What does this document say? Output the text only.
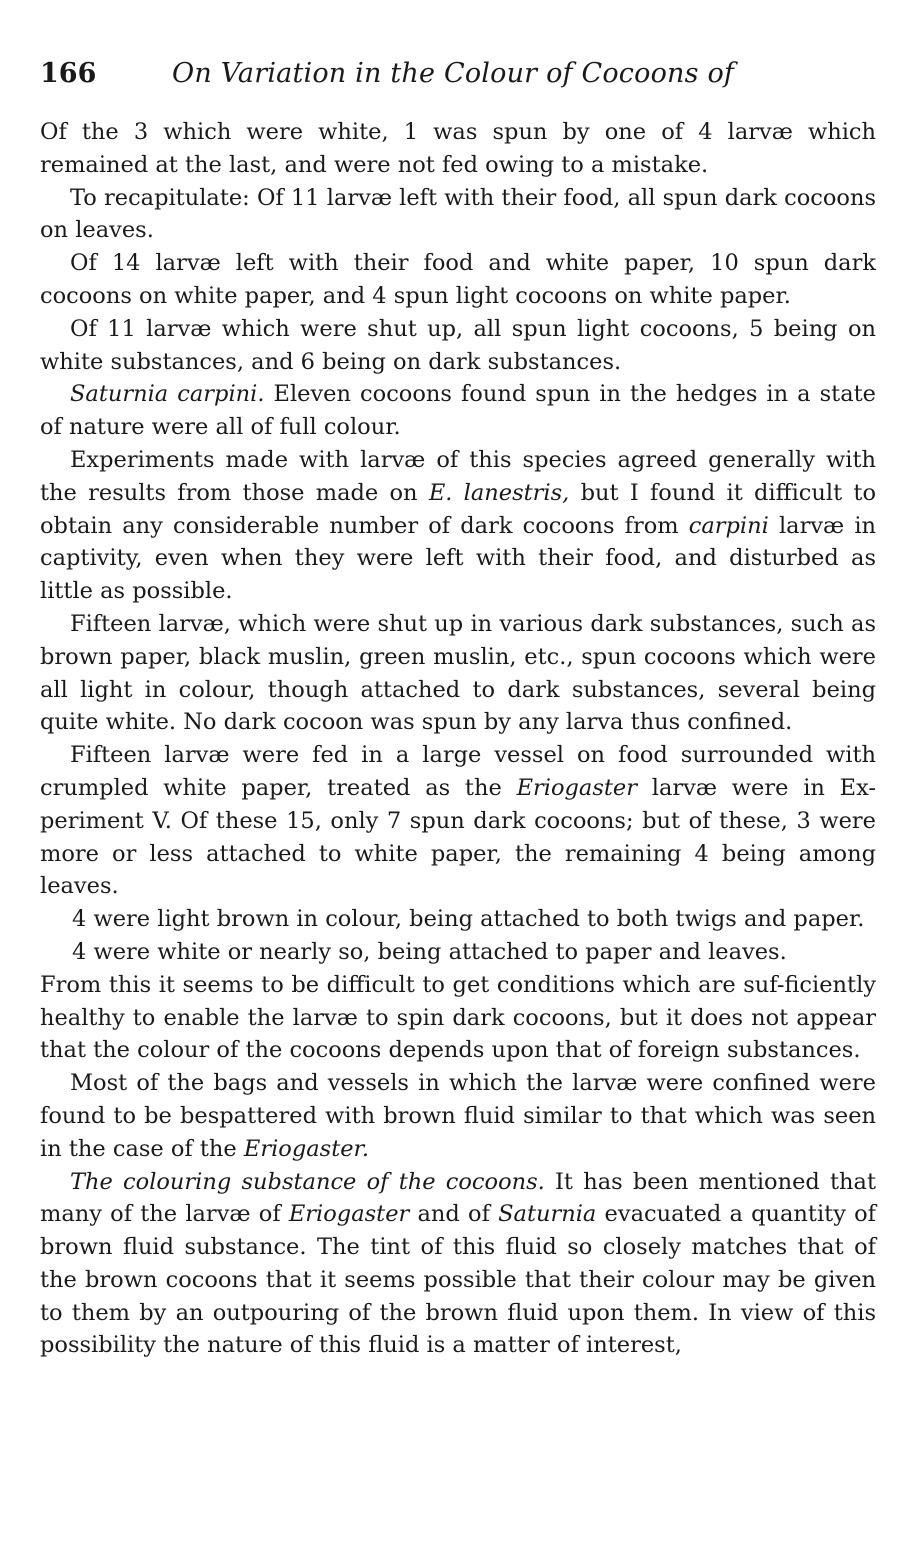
166	On Variation in the Colour of Cocoons of

Of the 3 which were white, 1 was spun by one of 4 larvæ which remained at the last, and were not fed owing to a mistake.

To recapitulate: Of 11 larvæ left with their food, all spun dark cocoons on leaves.

Of 14 larvæ left with their food and white paper, 10 spun dark cocoons on white paper, and 4 spun light cocoons on white paper.

Of 11 larvæ which were shut up, all spun light cocoons, 5 being on white substances, and 6 being on dark substances.

Saturnia carpini. Eleven cocoons found spun in the hedges in a state of nature were all of full colour.

Experiments made with larvæ of this species agreed generally with the results from those made on E. lanestris, but I found it difficult to obtain any considerable number of dark cocoons from carpini larvæ in captivity, even when they were left with their food, and disturbed as little as possible.

Fifteen larvæ, which were shut up in various dark substances, such as brown paper, black muslin, green muslin, etc., spun cocoons which were all light in colour, though attached to dark substances, several being quite white. No dark cocoon was spun by any larva thus confined.

Fifteen larvæ were fed in a large vessel on food surrounded with crumpled white paper, treated as the Eriogaster larvæ were in Ex-periment V. Of these 15, only 7 spun dark cocoons; but of these, 3 were more or less attached to white paper, the remaining 4 being among leaves.

4 were light brown in colour, being attached to both twigs and paper.

4 were white or nearly so, being attached to paper and leaves.

From this it seems to be difficult to get conditions which are suf-ficiently healthy to enable the larvæ to spin dark cocoons, but it does not appear that the colour of the cocoons depends upon that of foreign substances.

Most of the bags and vessels in which the larvæ were confined were found to be bespattered with brown fluid similar to that which was seen in the case of the Eriogaster.

The colouring substance of the cocoons. It has been mentioned that many of the larvæ of Eriogaster and of Saturnia evacuated a quantity of brown fluid substance. The tint of this fluid so closely matches that of the brown cocoons that it seems possible that their colour may be given to them by an outpouring of the brown fluid upon them. In view of this possibility the nature of this fluid is a matter of interest,
